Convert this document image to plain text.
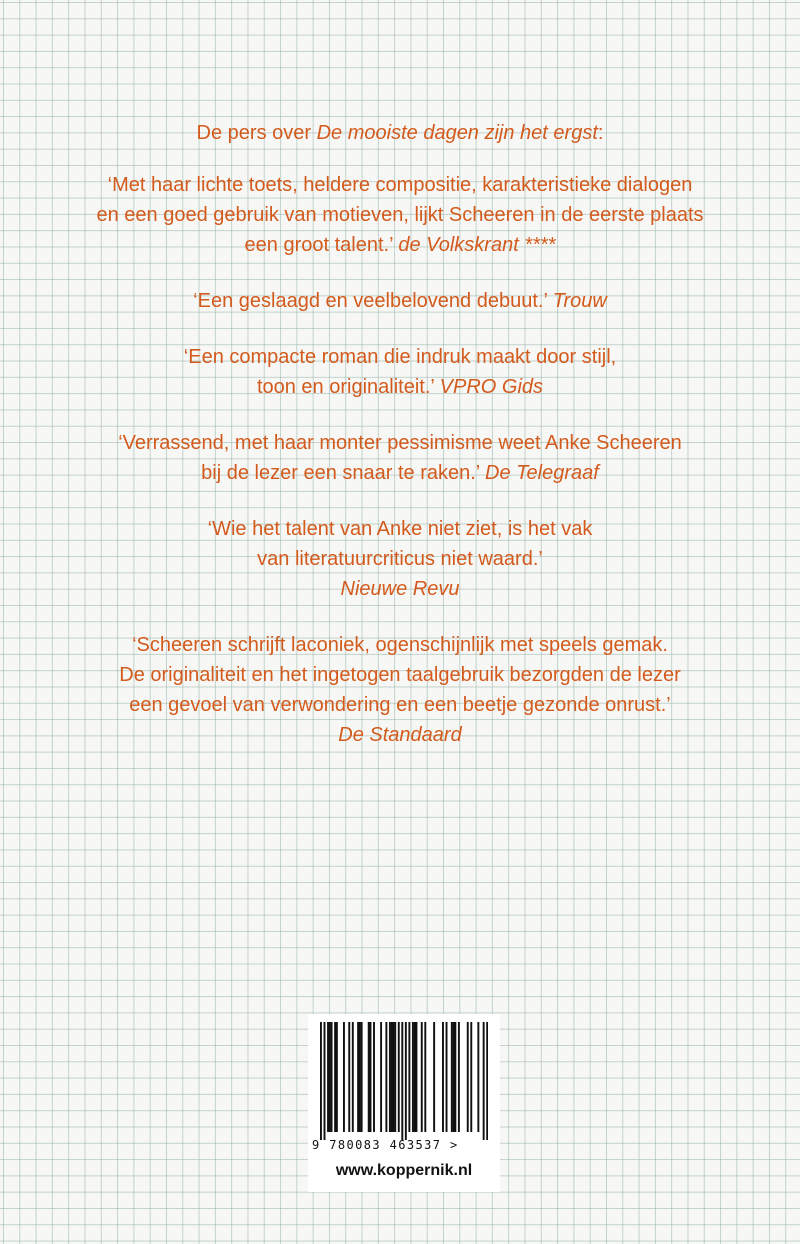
De pers over De mooiste dagen zijn het ergst:

‘Met haar lichte toets, heldere compositie, karakteristieke dialogen
en een goed gebruik van motieven, lijkt Scheeren in de eerste plaats
een groot talent.’ de Volkskrant ****

‘Een geslaagd en veelbelovend debuut.’ Trouw

‘Een compacte roman die indruk maakt door stijl,
toon en originaliteit.’ VPRO Gids

‘Verrassend, met haar monter pessimisme weet Anke Scheeren
bij de lezer een snaar te raken.’ De Telegraaf

‘Wie het talent van Anke niet ziet, is het vak
van literatuurcriticus niet waard.’
Nieuwe Revu

‘Scheeren schrijft laconiek, ogenschijnlijk met speels gemak.
De originaliteit en het ingetogen taalgebruik bezorgden de lezer
een gevoel van verwondering en een beetje gezonde onrust.’
De Standaard

9 780083 463537 >
www.koppernik.nl
